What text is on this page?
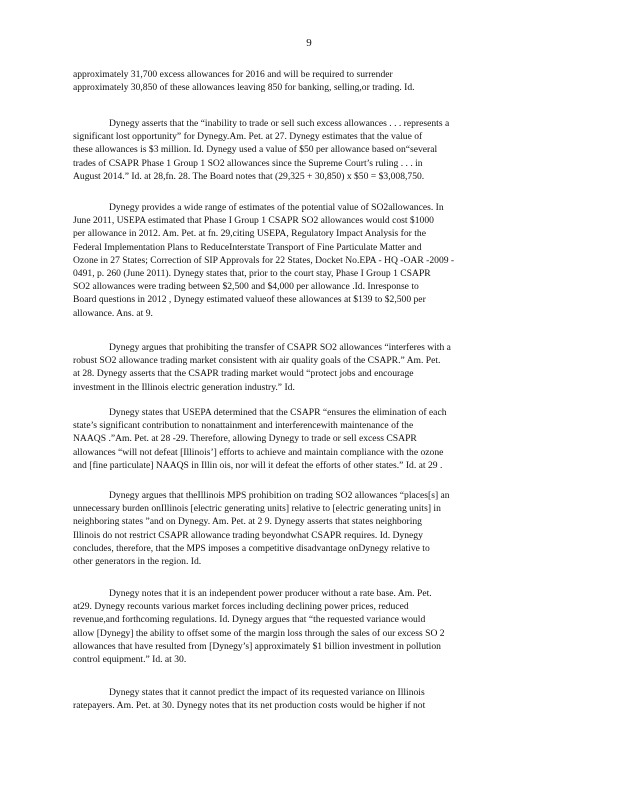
9
approximately 31,700 excess allowances for 2016 and will be required to surrender
approximately 30,850 of these allowances leaving 850 for banking, selling,or trading. Id.
Dynegy asserts that the “inability to trade or sell such excess allowances . . . represents a
significant lost opportunity” for Dynegy.Am. Pet. at 27. Dynegy estimates that the value of
these allowances is $3 million. Id. Dynegy used a value of $50 per allowance based on“several
trades of CSAPR Phase 1 Group 1 SO2 allowances since the Supreme Court’s ruling . . . in
August 2014.” Id. at 28,fn. 28. The Board notes that (29,325 + 30,850) x $50 = $3,008,750.
Dynegy provides a wide range of estimates of the potential value of SO2allowances. In
June 2011, USEPA estimated that Phase I Group 1 CSAPR SO2 allowances would cost $1000
per allowance in 2012. Am. Pet. at fn. 29,citing USEPA, Regulatory Impact Analysis for the
Federal Implementation Plans to ReduceInterstate Transport of Fine Particulate Matter and
Ozone in 27 States; Correction of SIP Approvals for 22 States, Docket No.EPA - HQ -OAR -2009 -
0491, p. 260 (June 2011). Dynegy states that, prior to the court stay, Phase I Group 1 CSAPR
SO2 allowances were trading between $2,500 and $4,000 per allowance .Id. Inresponse to
Board questions in 2012 , Dynegy estimated valueof these allowances at $139 to $2,500 per
allowance. Ans. at 9.
Dynegy argues that prohibiting the transfer of CSAPR SO2 allowances “interferes with a
robust SO2 allowance trading market consistent with air quality goals of the CSAPR.” Am. Pet.
at 28. Dynegy asserts that the CSAPR trading market would “protect jobs and encourage
investment in the Illinois electric generation industry.” Id.
Dynegy states that USEPA determined that the CSAPR “ensures the elimination of each
state’s significant contribution to nonattainment and interferencewith maintenance of the
NAAQS .”Am. Pet. at 28 -29. Therefore, allowing Dynegy to trade or sell excess CSAPR
allowances “will not defeat [Illinois’] efforts to achieve and maintain compliance with the ozone
and [fine particulate] NAAQS in Illin ois, nor will it defeat the efforts of other states.” Id. at 29 .
Dynegy argues that theIllinois MPS prohibition on trading SO2 allowances “places[s] an
unnecessary burden onIllinois [electric generating units] relative to [electric generating units] in
neighboring states ”and on Dynegy. Am. Pet. at 2 9. Dynegy asserts that states neighboring
Illinois do not restrict CSAPR allowance trading beyondwhat CSAPR requires. Id. Dynegy
concludes, therefore, that the MPS imposes a competitive disadvantage onDynegy relative to
other generators in the region. Id.
Dynegy notes that it is an independent power producer without a rate base. Am. Pet.
at29. Dynegy recounts various market forces including declining power prices, reduced
revenue,and forthcoming regulations. Id. Dynegy argues that “the requested variance would
allow [Dynegy] the ability to offset some of the margin loss through the sales of our excess SO 2
allowances that have resulted from [Dynegy’s] approximately $1 billion investment in pollution
control equipment.” Id. at 30.
Dynegy states that it cannot predict the impact of its requested variance on Illinois
ratepayers. Am. Pet. at 30. Dynegy notes that its net production costs would be higher if not
